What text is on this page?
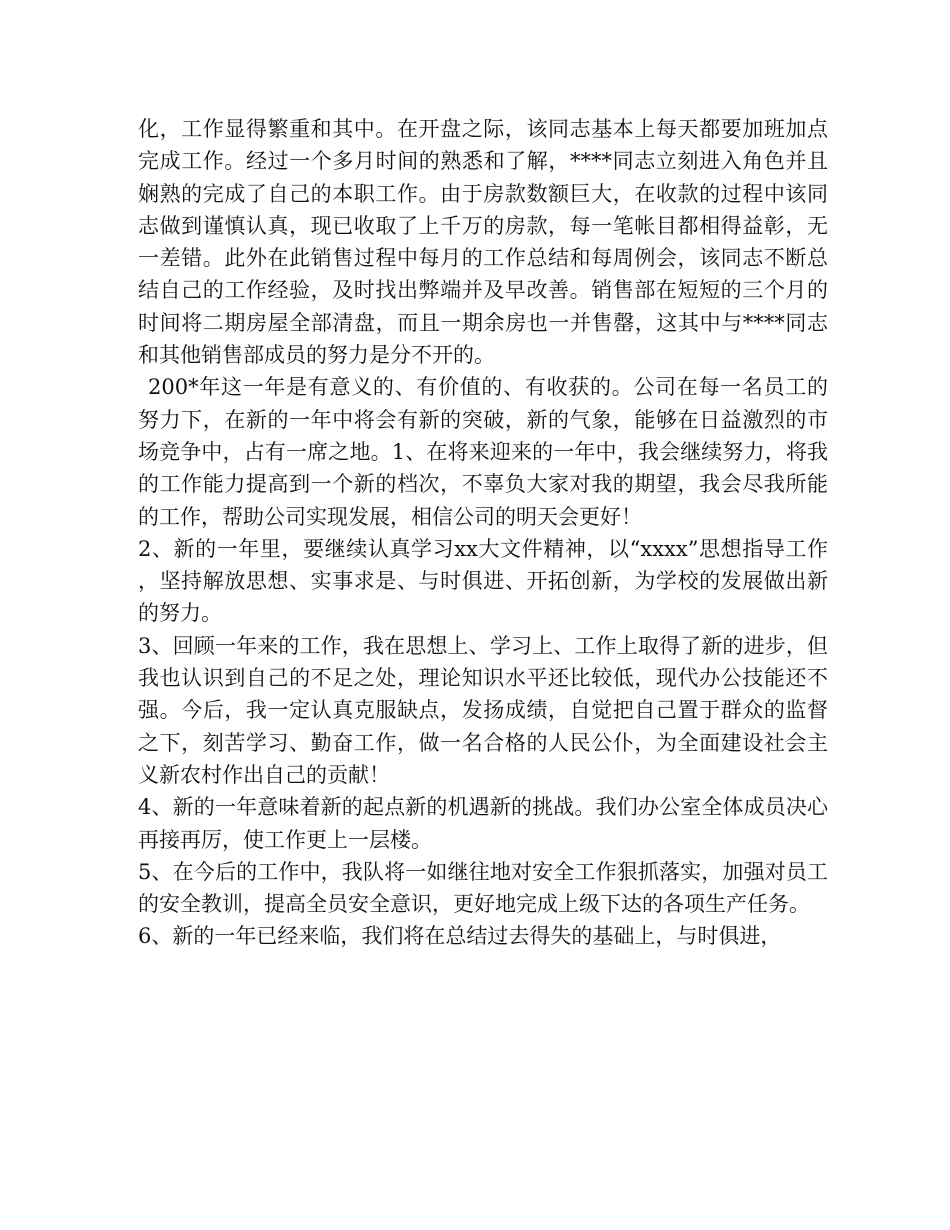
化，工作显得繁重和其中。在开盘之际，该同志基本上每天都要加班加点完成工作。经过一个多月时间的熟悉和了解，****同志立刻进入角色并且娴熟的完成了自己的本职工作。由于房款数额巨大，在收款的过程中该同志做到谨慎认真，现已收取了上千万的房款，每一笔帐目都相得益彰，无一差错。此外在此销售过程中每月的工作总结和每周例会，该同志不断总结自己的工作经验，及时找出弊端并及早改善。销售部在短短的三个月的时间将二期房屋全部清盘，而且一期余房也一并售罄，这其中与****同志和其他销售部成员的努力是分不开的。

200*年这一年是有意义的、有价值的、有收获的。公司在每一名员工的努力下，在新的一年中将会有新的突破，新的气象，能够在日益激烈的市场竞争中，占有一席之地。1、在将来迎来的一年中，我会继续努力，将我的工作能力提高到一个新的档次，不辜负大家对我的期望，我会尽我所能的工作，帮助公司实现发展，相信公司的明天会更好！

2、新的一年里，要继续认真学习xx大文件精神，以“xxxx”思想指导工作，坚持解放思想、实事求是、与时俱进、开拓创新，为学校的发展做出新的努力。

3、回顾一年来的工作，我在思想上、学习上、工作上取得了新的进步，但我也认识到自己的不足之处，理论知识水平还比较低，现代办公技能还不强。今后，我一定认真克服缺点，发扬成绩，自觉把自己置于群众的监督之下，刻苦学习、勤奋工作，做一名合格的人民公仆，为全面建设社会主义新农村作出自己的贡献！

4、新的一年意味着新的起点新的机遇新的挑战。我们办公室全体成员决心再接再厉，使工作更上一层楼。

5、在今后的工作中，我队将一如继往地对安全工作狠抓落实，加强对员工的安全教训，提高全员安全意识，更好地完成上级下达的各项生产任务。

6、新的一年已经来临，我们将在总结过去得失的基础上，与时俱进，
